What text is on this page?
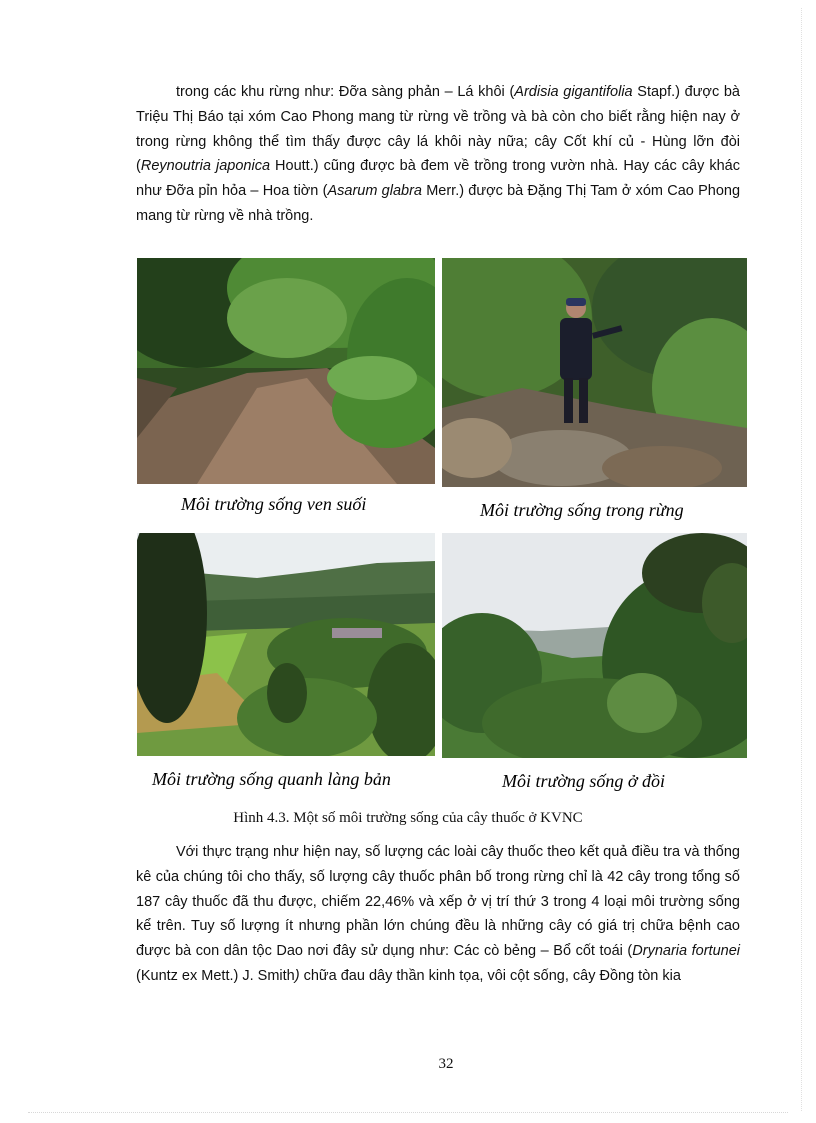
trong các khu rừng như: Đỡa sàng phản – Lá khôi (Ardisia gigantifolia Stapf.) được bà Triệu Thị Báo tại xóm Cao Phong mang từ rừng về trồng và bà còn cho biết rằng hiện nay ở trong rừng không thể tìm thấy được cây lá khôi này nữa; cây Cốt khí củ - Hùng lỡn đòi (Reynoutria japonica Houtt.) cũng được bà đem về trồng trong vườn nhà. Hay các cây khác như Đỡa pỉn hỏa – Hoa tiờn (Asarum glabra Merr.) được bà Đặng Thị Tam ở xóm Cao Phong mang từ rừng về nhà trồng.

Môi trường sống ven suối	Môi trường sống trong rừng
Môi trường sống quanh làng bản	Môi trường sống ở đồi
Hình 4.3. Một số môi trường sống của cây thuốc ở KVNC

Với thực trạng như hiện nay, số lượng các loài cây thuốc theo kết quả điều tra và thống kê của chúng tôi cho thấy, số lượng cây thuốc phân bố trong rừng chỉ là 42 cây trong tổng số 187 cây thuốc đã thu được, chiếm 22,46% và xếp ở vị trí thứ 3 trong 4 loại môi trường sống kể trên. Tuy số lượng ít nhưng phần lớn chúng đều là những cây có giá trị chữa bệnh cao được bà con dân tộc Dao nơi đây sử dụng như: Các cò bẻng – Bổ cốt toái (Drynaria fortunei (Kuntz ex Mett.) J. Smith) chữa đau dây thần kinh tọa, vôi cột sống, cây Đồng tòn kia

32
